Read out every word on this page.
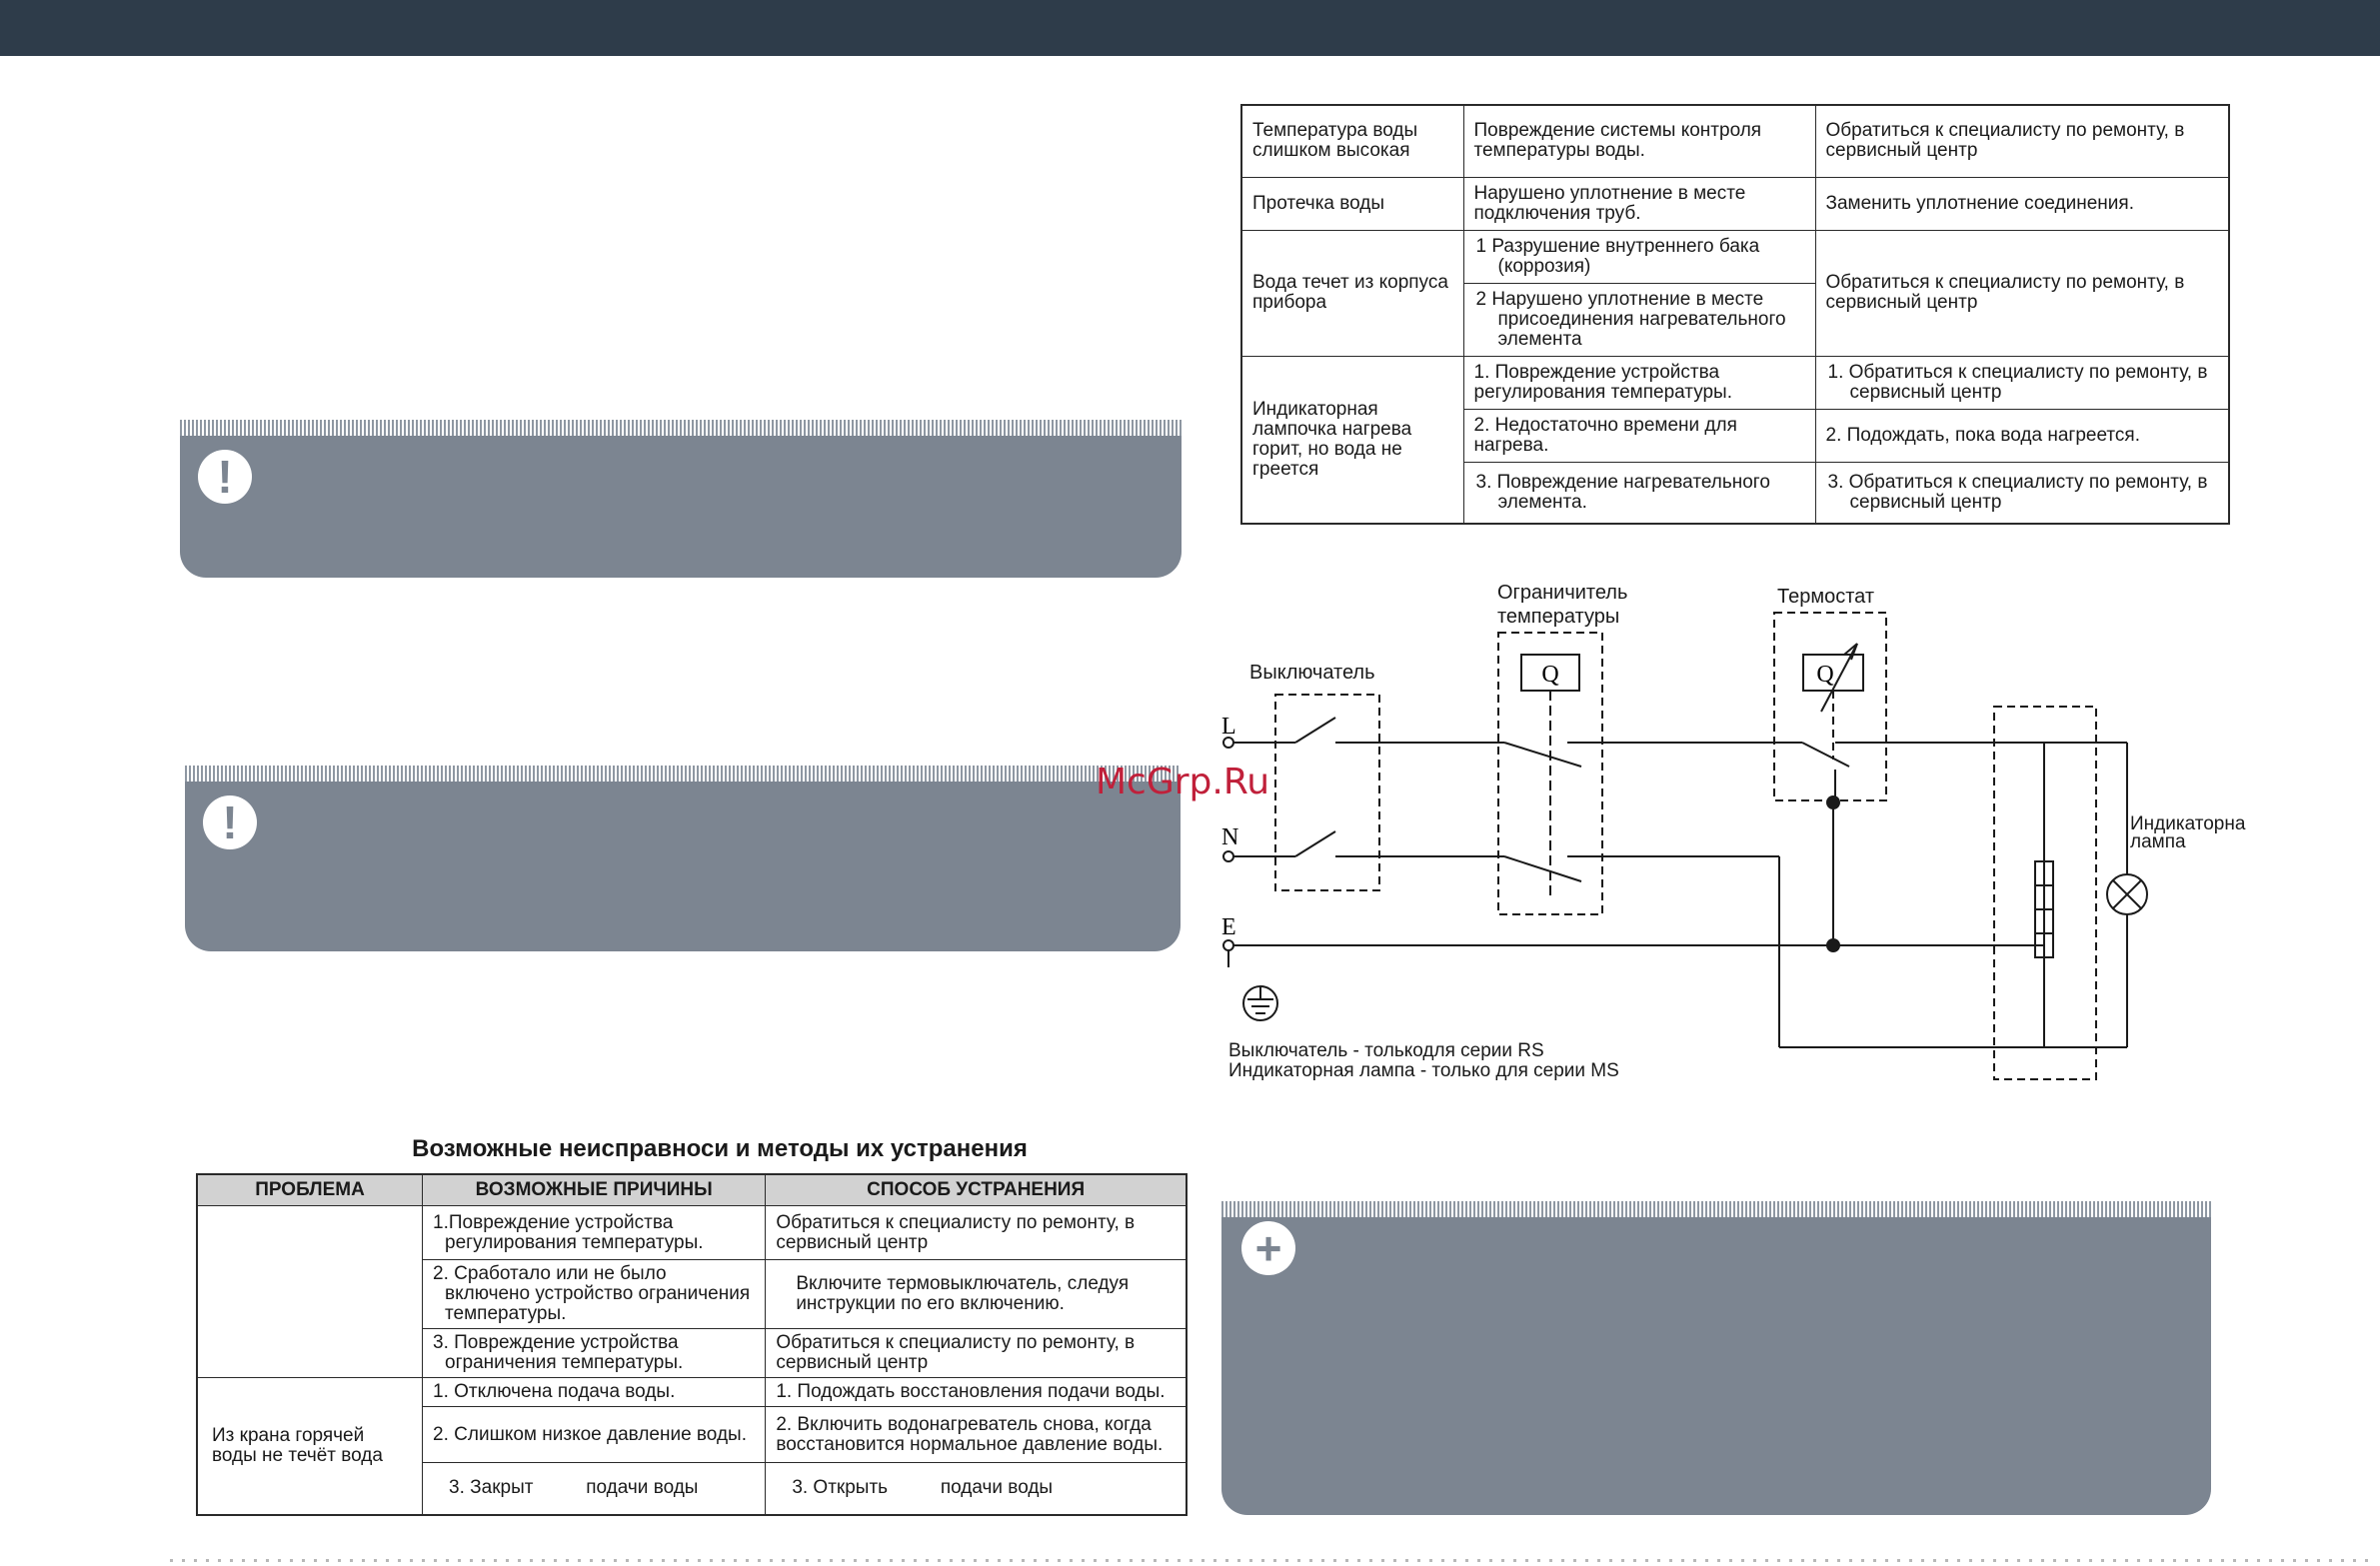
!
!
+
Температура воды слишком высокая	Повреждение системы контроля температуры воды.	Обратиться к специалисту по ремонту, в сервисный центр
Протечка воды	Нарушено уплотнение в месте подключения труб.	Заменить уплотнение соединения.
Вода течет из корпуса прибора	1 Разрушение внутреннего бака (коррозия)	Обратиться к специалисту по ремонту, в сервисный центр
	2 Нарушено уплотнение в месте присоединения нагревательного элемента	
Индикаторная лампочка нагрева горит, но вода не греется	1. Повреждение устройства регулирования температуры.	1. Обратиться к специалисту по ремонту, в сервисный центр
	2. Недостаточно времени для нагрева.	2. Подождать, пока вода нагреется.
	3. Повреждение нагревательного элемента.	3. Обратиться к специалисту по ремонту, в сервисный центр
Q	Q
L
N
E
Выключатель
Ограничитель
температуры
Термостат
Индикаторна
лампа
Выключатель - толькодля серии RS
Индикаторная лампа - только для серии MS
McGrp.Ru
Возможные неисправноси и методы их устранения
ПРОБЛЕМА	ВОЗМОЖНЫЕ ПРИЧИНЫ	СПОСОБ УСТРАНЕНИЯ
	1.Повреждение устройства регулирования температуры.	Обратиться к специалисту по ремонту, в сервисный центр
	2. Сработало или не было включено устройство ограничения температуры.	Включите термовыключатель, следуя инструкции по его включению.
	3. Повреждение устройства ограничения температуры.	Обратиться к специалисту по ремонту, в сервисный центр
Из крана горячей воды не течёт вода	1. Отключена подача воды.	1. Подождать восстановления подачи воды.
	2. Слишком низкое давление воды.	2. Включить водонагреватель снова, когда восстановится нормальное давление воды.
	3. Закрыт          подачи воды	3. Открыть          подачи воды
